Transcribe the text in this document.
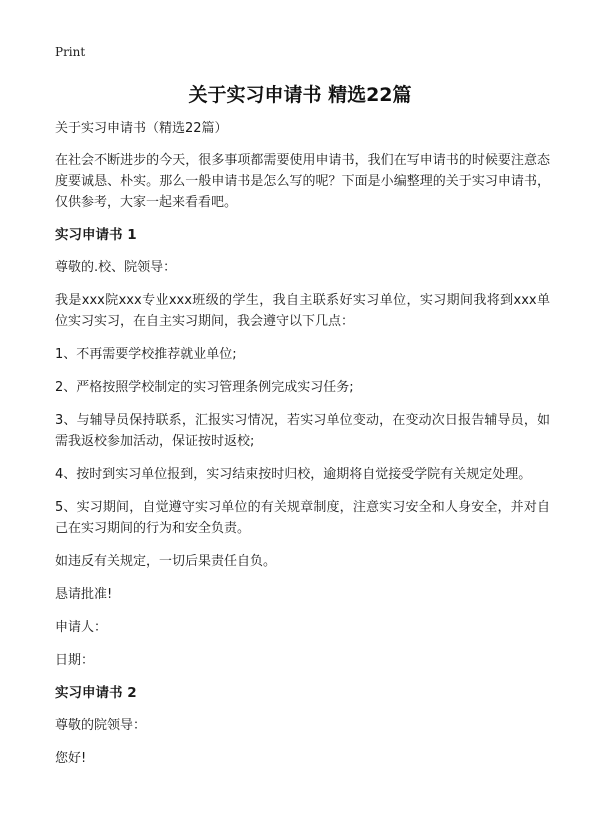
Print
关于实习申请书 精选22篇
关于实习申请书（精选22篇）

在社会不断进步的今天，很多事项都需要使用申请书，我们在写申请书的时候要注意态度要诚恳、朴实。那么一般申请书是怎么写的呢？下面是小编整理的关于实习申请书，仅供参考，大家一起来看看吧。

实习申请书 1

尊敬的.校、院领导：

我是xxx院xxx专业xxx班级的学生，我自主联系好实习单位，实习期间我将到xxx单位实习实习，在自主实习期间，我会遵守以下几点：

1、不再需要学校推荐就业单位;

2、严格按照学校制定的实习管理条例完成实习任务;

3、与辅导员保持联系，汇报实习情况，若实习单位变动，在变动次日报告辅导员，如需我返校参加活动，保证按时返校;

4、按时到实习单位报到，实习结束按时归校，逾期将自觉接受学院有关规定处理。

5、实习期间，自觉遵守实习单位的有关规章制度，注意实习安全和人身安全，并对自己在实习期间的行为和安全负责。

如违反有关规定，一切后果责任自负。

恳请批准!

申请人：

日期：

实习申请书 2

尊敬的院领导：

您好!
